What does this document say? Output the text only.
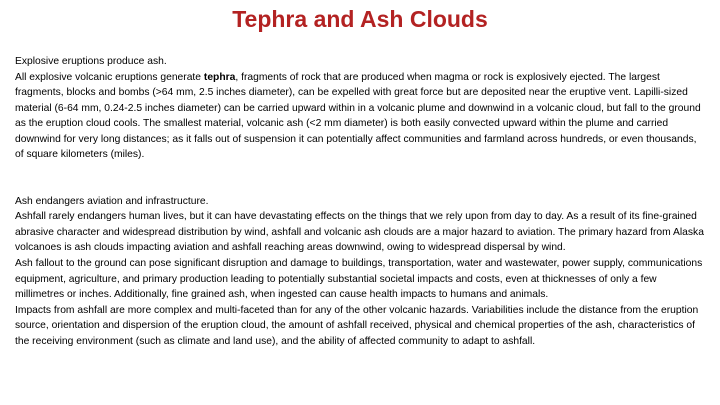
Tephra and Ash Clouds

Explosive eruptions produce ash.

All explosive volcanic eruptions generate tephra, fragments of rock that are produced when magma or rock is explosively ejected. The largest fragments, blocks and bombs (>64 mm, 2.5 inches diameter), can be expelled with great force but are deposited near the eruptive vent. Lapilli-sized material (6-64 mm, 0.24-2.5 inches diameter) can be carried upward within in a volcanic plume and downwind in a volcanic cloud, but fall to the ground as the eruption cloud cools. The smallest material, volcanic ash (<2 mm diameter) is both easily convected upward within the plume and carried downwind for very long distances; as it falls out of suspension it can potentially affect communities and farmland across hundreds, or even thousands, of square kilometers (miles).

Ash endangers aviation and infrastructure.

Ashfall rarely endangers human lives, but it can have devastating effects on the things that we rely upon from day to day. As a result of its fine-grained abrasive character and widespread distribution by wind, ashfall and volcanic ash clouds are a major hazard to aviation. The primary hazard from Alaska volcanoes is ash clouds impacting aviation and ashfall reaching areas downwind, owing to widespread dispersal by wind.

Ash fallout to the ground can pose significant disruption and damage to buildings, transportation, water and wastewater, power supply, communications equipment, agriculture, and primary production leading to potentially substantial societal impacts and costs, even at thicknesses of only a few millimetres or inches. Additionally, fine grained ash, when ingested can cause health impacts to humans and animals.

Impacts from ashfall are more complex and multi-faceted than for any of the other volcanic hazards. Variabilities include the distance from the eruption source, orientation and dispersion of the eruption cloud, the amount of ashfall received, physical and chemical properties of the ash, characteristics of the receiving environment (such as climate and land use), and the ability of affected community to adapt to ashfall.
